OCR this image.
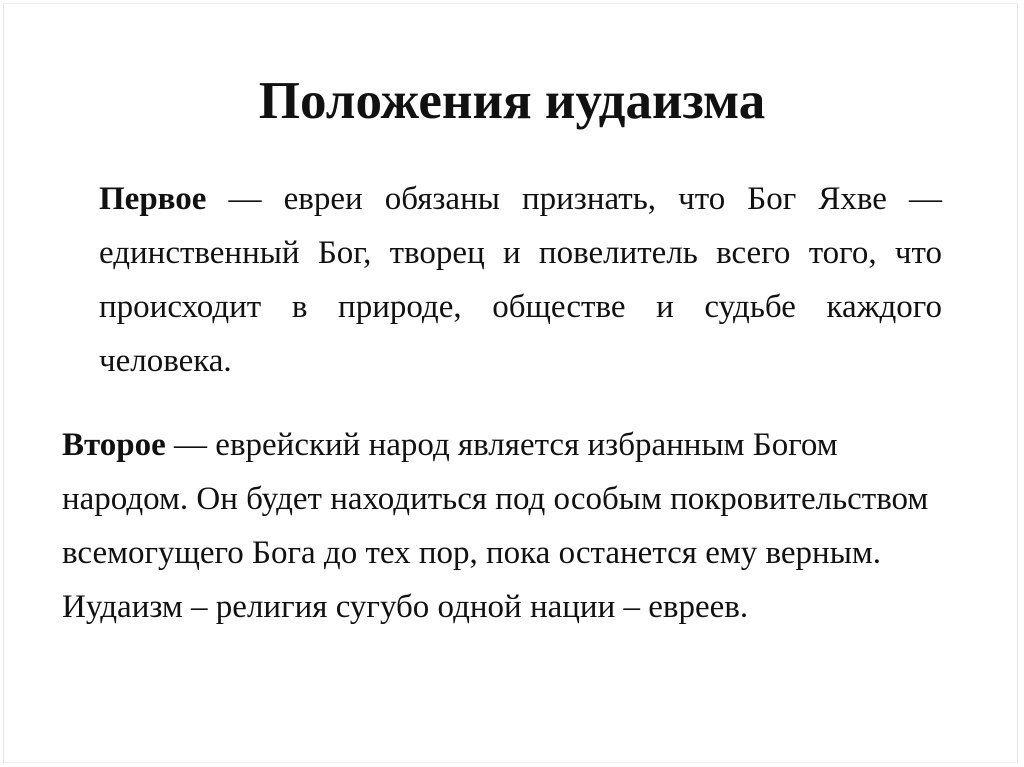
Положения иудаизма

Первое — евреи обязаны признать, что Бог Яхве — единственный Бог, творец и повелитель всего того, что происходит в природе, обществе и судьбе каждого человека.

Второе — еврейский народ является избранным Богом народом. Он будет находиться под особым покровительством всемогущего Бога до тех пор, пока останется ему верным. Иудаизм – религия сугубо одной нации – евреев.
